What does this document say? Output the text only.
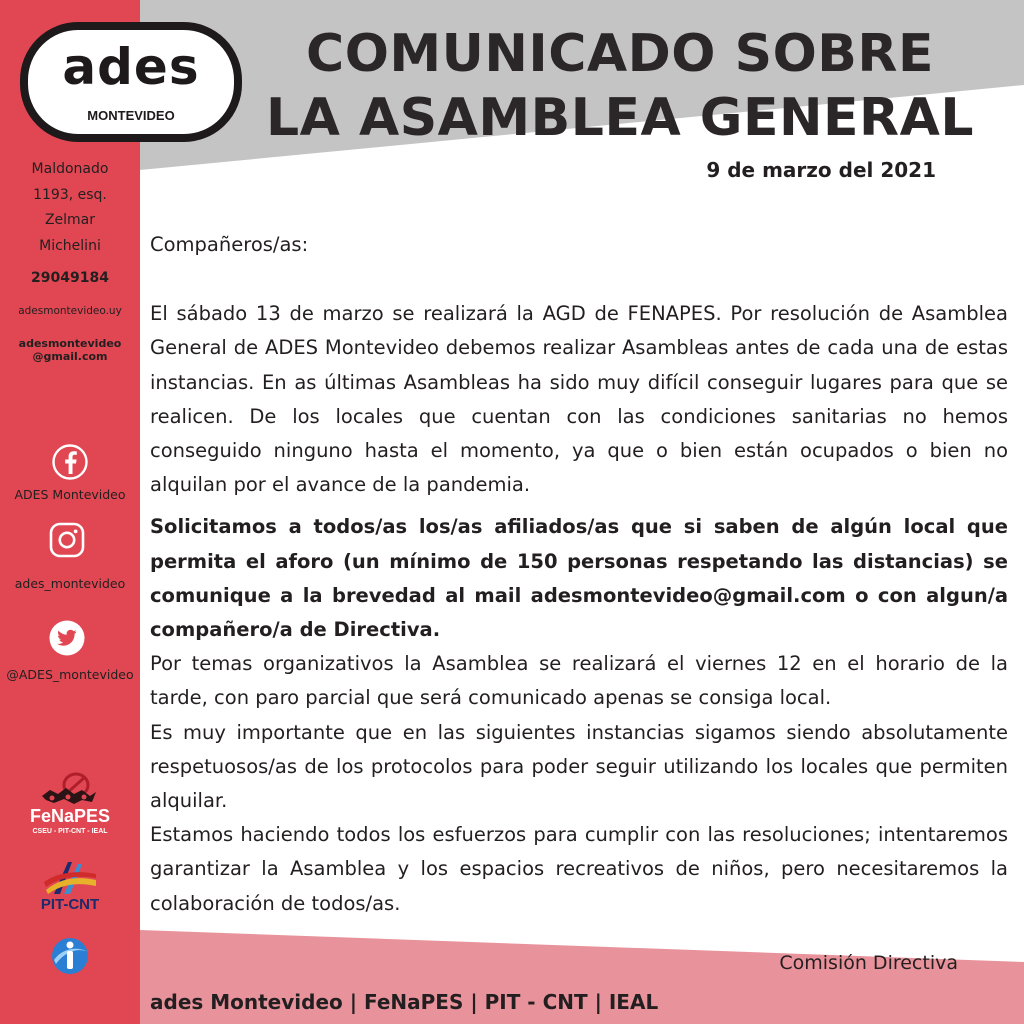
ades
MONTEVIDEO
Maldonado
1193, esq.
Zelmar
Michelini
29049184
adesmontevideo.uy
adesmontevideo
@gmail.com
ADES Montevideo
ades_montevideo
@ADES_montevideo
FeNaPES
CSEU - PIT-CNT - IEAL
PIT-CNT
COMUNICADO SOBRE
LA ASAMBLEA GENERAL
9 de marzo del 2021

Compañeros/as:

El sábado 13 de marzo se realizará la AGD de FENAPES. Por resolución de Asamblea General de ADES Montevideo debemos realizar Asambleas antes de cada una de estas instancias. En as últimas Asambleas ha sido muy difícil conseguir lugares para que se realicen. De los locales que cuentan con las condiciones sanitarias no hemos conseguido ninguno hasta el momento, ya que o bien están ocupados o bien no alquilan por el avance de la pandemia.

Solicitamos a todos/as los/as afiliados/as que si saben de algún local que permita el aforo (un mínimo de 150 personas respetando las distancias) se comunique a la brevedad al mail adesmontevideo@gmail.com o con algun/a compañero/a de Directiva.

Por temas organizativos la Asamblea se realizará el viernes 12 en el horario de la tarde, con paro parcial que será comunicado apenas se consiga local.

Es muy importante que en las siguientes instancias sigamos siendo absolutamente respetuosos/as de los protocolos para poder seguir utilizando los locales que permiten alquilar.

Estamos haciendo todos los esfuerzos para cumplir con las resoluciones; intentaremos garantizar la Asamblea y los espacios recreativos de niños, pero necesitaremos la colaboración de todos/as.

Comisión Directiva
ades Montevideo | FeNaPES | PIT - CNT | IEAL
